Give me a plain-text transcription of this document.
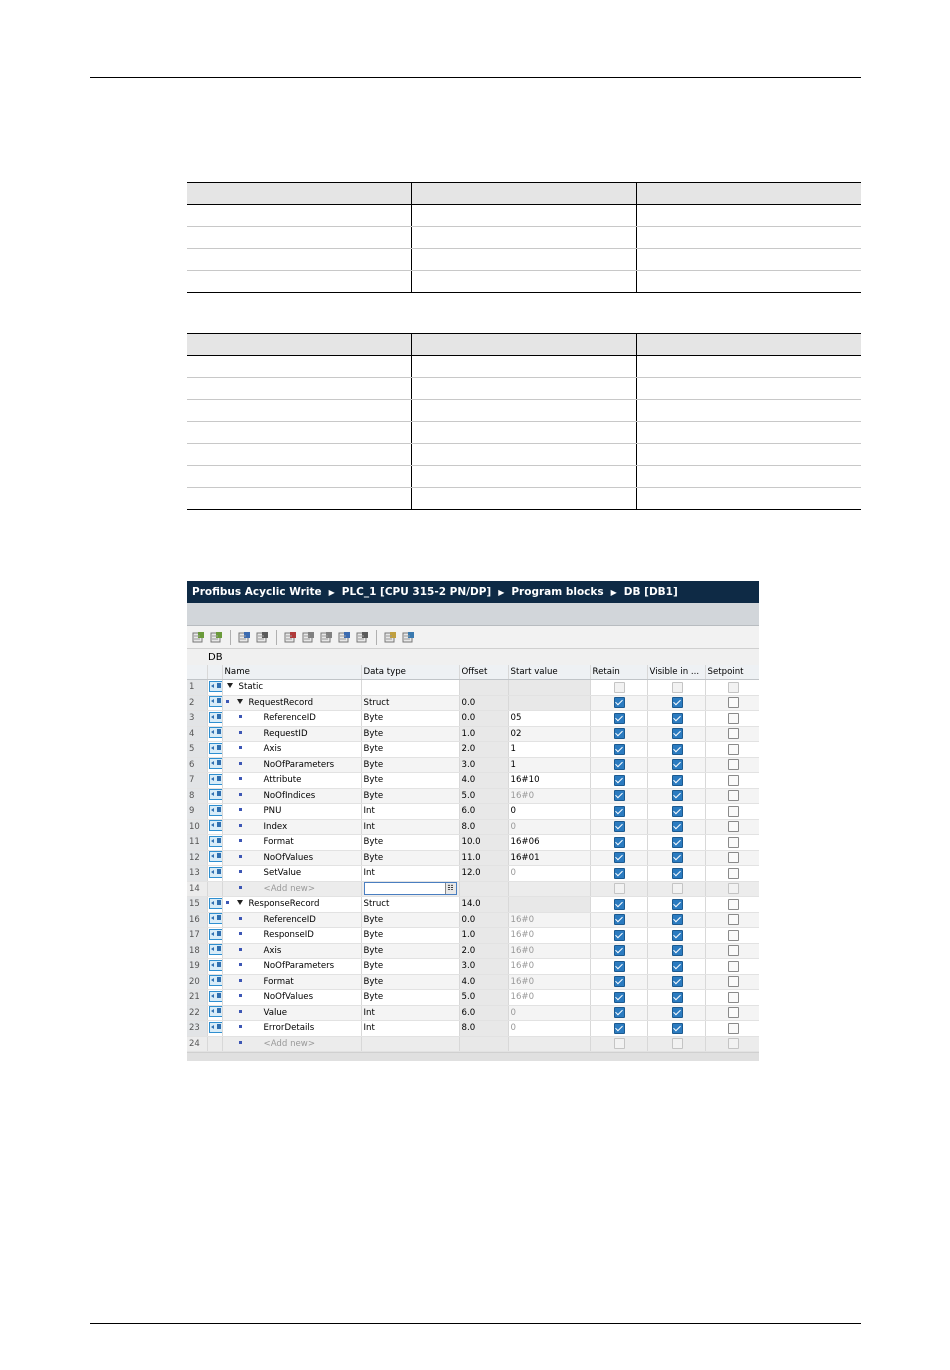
Profibus Acyclic Write ▶ PLC_1 [CPU 315-2 PN/DP] ▶ Program blocks ▶ DB [DB1]
DB
		Name	Data type	Offset	Start value	Retain	Visible in ...	Setpoint
1		Static				

2		RequestRecord	Struct	0.0		

3		ReferenceID	Byte	0.0	05	

4		RequestID	Byte	1.0	02	

5		Axis	Byte	2.0	1	

6		NoOfParameters	Byte	3.0	1	

7		Attribute	Byte	4.0	16#10	

8		NoOfIndices	Byte	5.0	16#0	

9		PNU	Int	6.0	0	

10		Index	Int	8.0	0	

11		Format	Byte	10.0	16#06	

12		NoOfValues	Byte	11.0	16#01	

13		SetValue	Int	12.0	0	

14		<Add new>	☷					

15		ResponseRecord	Struct	14.0		

16		ReferenceID	Byte	0.0	16#0	

17		ResponseID	Byte	1.0	16#0	

18		Axis	Byte	2.0	16#0	

19		NoOfParameters	Byte	3.0	16#0	

20		Format	Byte	4.0	16#0	

21		NoOfValues	Byte	5.0	16#0	

22		Value	Int	6.0	0	

23		ErrorDetails	Int	8.0	0	

24		<Add new>				
